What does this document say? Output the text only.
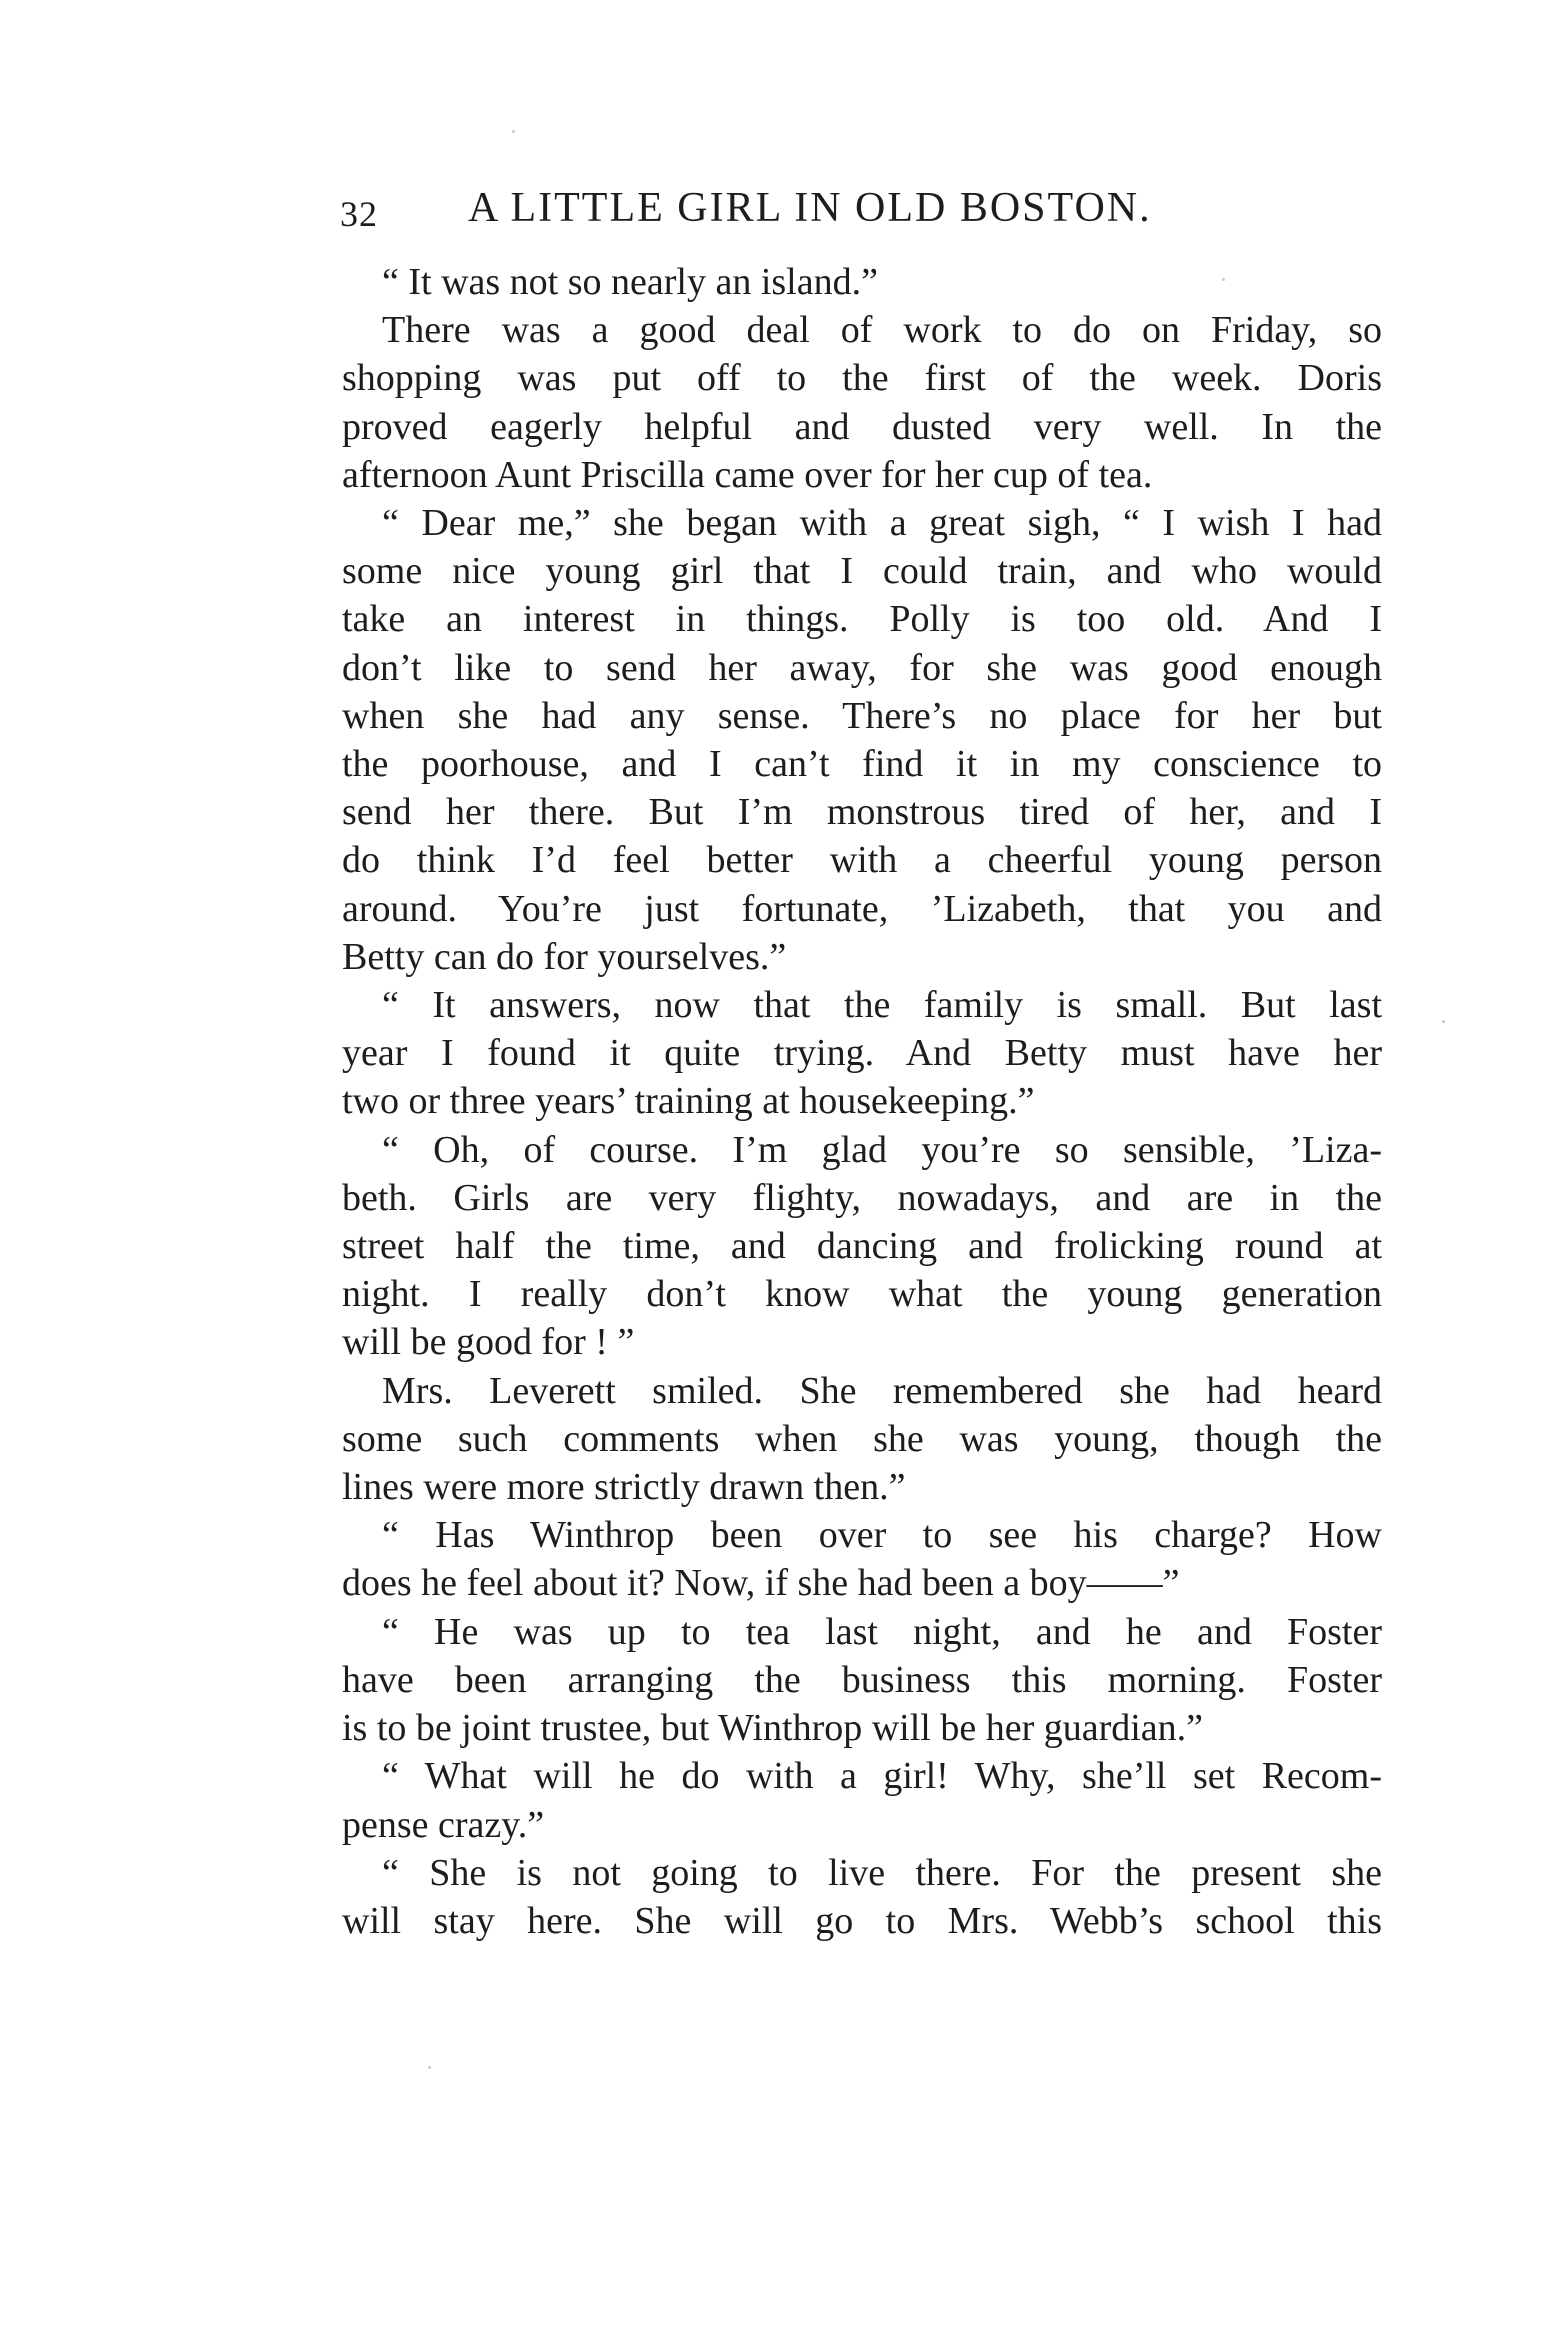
32 A LITTLE GIRL IN OLD BOSTON.

“ It was not so nearly an island.”

There was a good deal of work to do on Friday, so
shopping was put off to the first of the week. Doris
proved eagerly helpful and dusted very well. In the
afternoon Aunt Priscilla came over for her cup of tea.

“ Dear me,” she began with a great sigh, “ I wish I had
some nice young girl that I could train, and who would
take an interest in things. Polly is too old. And I
don’t like to send her away, for she was good enough
when she had any sense. There’s no place for her but
the poorhouse, and I can’t find it in my conscience to
send her there. But I’m monstrous tired of her, and I
do think I’d feel better with a cheerful young person
around. You’re just fortunate, ’Lizabeth, that you and
Betty can do for yourselves.”

“ It answers, now that the family is small. But last
year I found it quite trying. And Betty must have her
two or three years’ training at housekeeping.”

“ Oh, of course. I’m glad you’re so sensible, ’Liza-
beth. Girls are very flighty, nowadays, and are in the
street half the time, and dancing and frolicking round at
night. I really don’t know what the young generation
will be good for ! ”

Mrs. Leverett smiled. She remembered she had heard
some such comments when she was young, though the
lines were more strictly drawn then.”

“ Has Winthrop been over to see his charge? How
does he feel about it? Now, if she had been a boy——”

“ He was up to tea last night, and he and Foster
have been arranging the business this morning. Foster
is to be joint trustee, but Winthrop will be her guardian.”

“ What will he do with a girl! Why, she’ll set Recom-
pense crazy.”

“ She is not going to live there. For the present she
will stay here. She will go to Mrs. Webb’s school this
